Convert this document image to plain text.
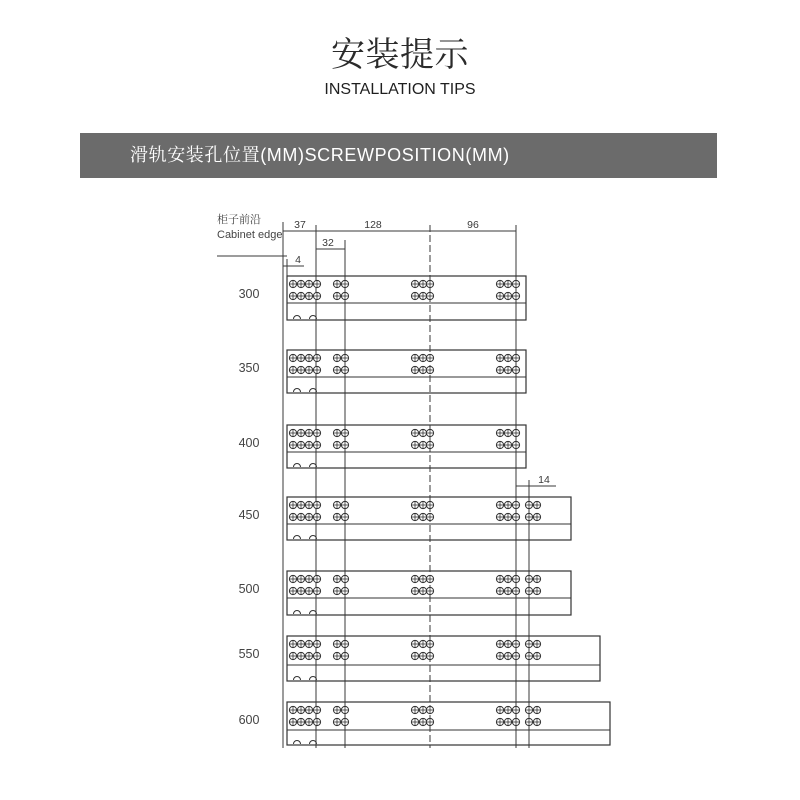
安装提示
INSTALLATION TIPS
滑轨安装孔位置(MM)SCREWPOSITION(MM)
柜子前沿
Cabinet edge
37	128	96
32
4
14
300
350
400
450
500
550
600
